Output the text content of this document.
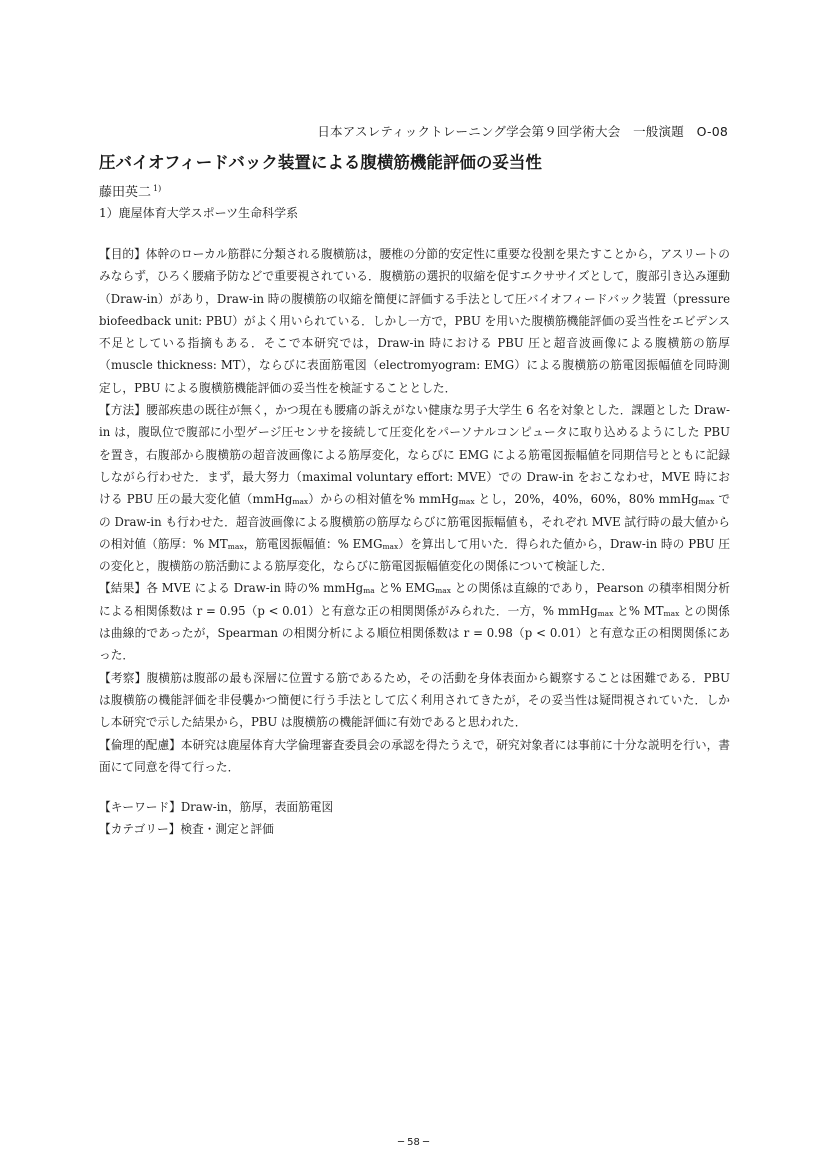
日本アスレティックトレーニング学会第９回学術大会　一般演題　O-08
圧バイオフィードバック装置による腹横筋機能評価の妥当性
藤田英二 $^{1)}$
1）鹿屋体育大学スポーツ生命科学系

【目的】体幹のローカル筋群に分類される腹横筋は，腰椎の分節的安定性に重要な役割を果たすことから，アスリートのみならず，ひろく腰痛予防などで重要視されている．腹横筋の選択的収縮を促すエクササイズとして，腹部引き込み運動（Draw-in）があり，Draw-in 時の腹横筋の収縮を簡便に評価する手法として圧バイオフィードバック装置（pressure biofeedback unit: PBU）がよく用いられている．しかし一方で，PBU を用いた腹横筋機能評価の妥当性をエビデンス不足としている指摘もある．そこで本研究では，Draw-in 時における PBU 圧と超音波画像による腹横筋の筋厚（muscle thickness: MT），ならびに表面筋電図（electromyogram: EMG）による腹横筋の筋電図振幅値を同時測定し，PBU による腹横筋機能評価の妥当性を検証することとした．

【方法】腰部疾患の既往が無く，かつ現在も腰痛の訴えがない健康な男子大学生 6 名を対象とした．課題とした Draw-in は，腹臥位で腹部に小型ゲージ圧センサを接続して圧変化をパーソナルコンピュータに取り込めるようにした PBU を置き，右腹部から腹横筋の超音波画像による筋厚変化，ならびに EMG による筋電図振幅値を同期信号とともに記録しながら行わせた．まず，最大努力（maximal voluntary effort: MVE）での Draw-in をおこなわせ，MVE 時における PBU 圧の最大変化値（mmHg$_{max}$）からの相対値を% mmHg$_{max}$ とし，20%，40%，60%，80% mmHg$_{max}$ での Draw-in も行わせた．超音波画像による腹横筋の筋厚ならびに筋電図振幅値も，それぞれ MVE 試行時の最大値からの相対値（筋厚：% $MT_{max}$，筋電図振幅値：% $EMG_{max}$）を算出して用いた．得られた値から，Draw-in 時の PBU 圧の変化と，腹横筋の筋活動による筋厚変化，ならびに筋電図振幅値変化の関係について検証した．

【結果】各 MVE による Draw-in 時の% mmHg$_{ma}$ と% $EMG_{max}$ との関係は直線的であり，Pearson の積率相関分析による相関係数は r = 0.95（p < 0.01）と有意な正の相関関係がみられた．一方，% mmHg$_{max}$ と% $MT_{max}$ との関係は曲線的であったが，Spearman の相関分析による順位相関係数は r = 0.98（p < 0.01）と有意な正の相関関係にあった．

【考察】腹横筋は腹部の最も深層に位置する筋であるため，その活動を身体表面から観察することは困難である．PBU は腹横筋の機能評価を非侵襲かつ簡便に行う手法として広く利用されてきたが，その妥当性は疑問視されていた．しかし本研究で示した結果から，PBU は腹横筋の機能評価に有効であると思われた．

【倫理的配慮】本研究は鹿屋体育大学倫理審査委員会の承認を得たうえで，研究対象者には事前に十分な説明を行い，書面にて同意を得て行った．

【キーワード】Draw-in，筋厚，表面筋電図
【カテゴリー】検査・測定と評価
─ 58 ─
